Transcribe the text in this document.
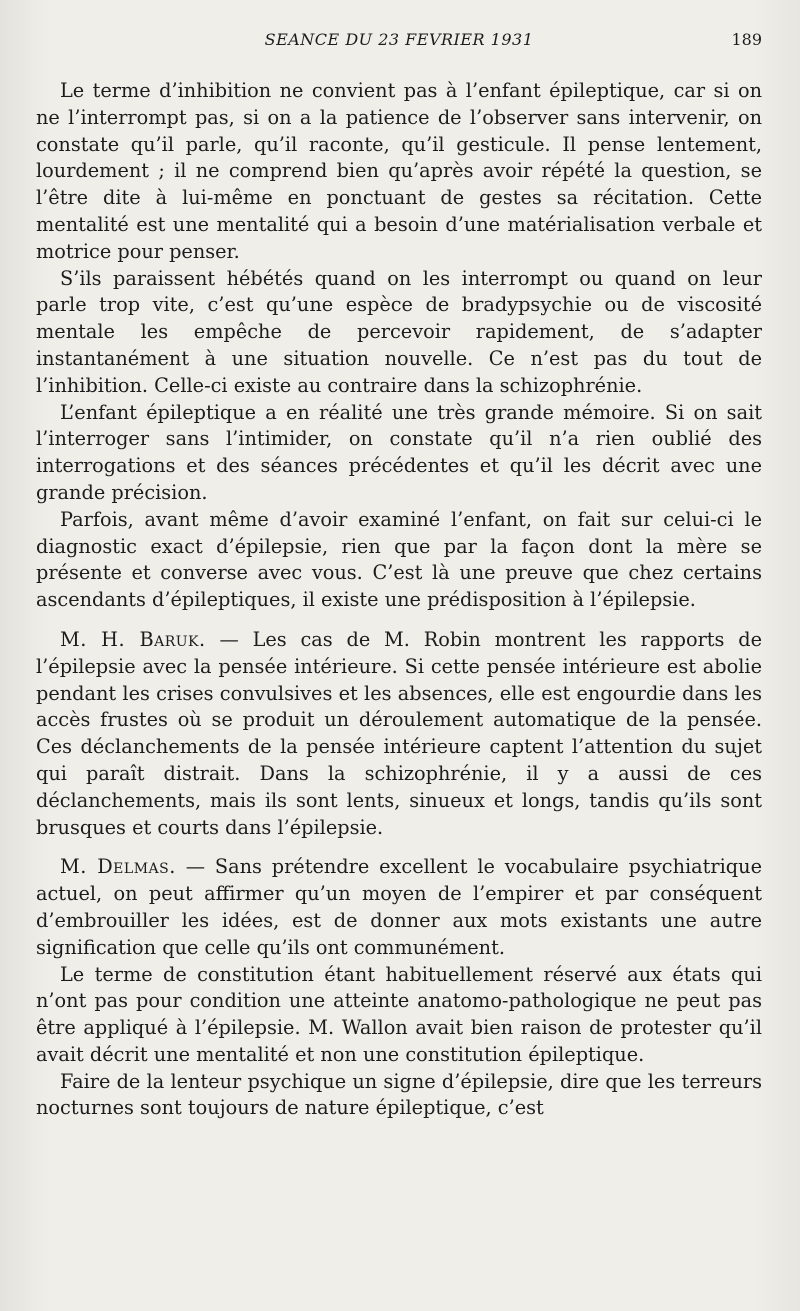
SEANCE DU 23 FEVRIER 1931	189

Le terme d’inhibition ne convient pas à l’enfant épileptique, car si on ne l’interrompt pas, si on a la patience de l’observer sans intervenir, on constate qu’il parle, qu’il raconte, qu’il gesticule. Il pense lentement, lourdement ; il ne comprend bien qu’après avoir répété la question, se l’être dite à lui-même en ponctuant de gestes sa récitation. Cette mentalité est une mentalité qui a besoin d’une matérialisation verbale et motrice pour penser.

S’ils paraissent hébétés quand on les interrompt ou quand on leur parle trop vite, c’est qu’une espèce de bradypsychie ou de viscosité mentale les empêche de percevoir rapidement, de s’adapter instantanément à une situation nouvelle. Ce n’est pas du tout de l’inhibition. Celle-ci existe au contraire dans la schizophrénie.

L’enfant épileptique a en réalité une très grande mémoire. Si on sait l’interroger sans l’intimider, on constate qu’il n’a rien oublié des interrogations et des séances précédentes et qu’il les décrit avec une grande précision.

Parfois, avant même d’avoir examiné l’enfant, on fait sur celui-ci le diagnostic exact d’épilepsie, rien que par la façon dont la mère se présente et converse avec vous. C’est là une preuve que chez certains ascendants d’épileptiques, il existe une prédisposition à l’épilepsie.

M. H. Baruk. — Les cas de M. Robin montrent les rapports de l’épilepsie avec la pensée intérieure. Si cette pensée intérieure est abolie pendant les crises convulsives et les absences, elle est engourdie dans les accès frustes où se produit un déroulement automatique de la pensée. Ces déclanchements de la pensée intérieure captent l’attention du sujet qui paraît distrait. Dans la schizophrénie, il y a aussi de ces déclanchements, mais ils sont lents, sinueux et longs, tandis qu’ils sont brusques et courts dans l’épilepsie.

M. Delmas. — Sans prétendre excellent le vocabulaire psychiatrique actuel, on peut affirmer qu’un moyen de l’empirer et par conséquent d’embrouiller les idées, est de donner aux mots existants une autre signification que celle qu’ils ont communément.

Le terme de constitution étant habituellement réservé aux états qui n’ont pas pour condition une atteinte anatomo-pathologique ne peut pas être appliqué à l’épilepsie. M. Wallon avait bien raison de protester qu’il avait décrit une mentalité et non une constitution épileptique.

Faire de la lenteur psychique un signe d’épilepsie, dire que les terreurs nocturnes sont toujours de nature épileptique, c’est
